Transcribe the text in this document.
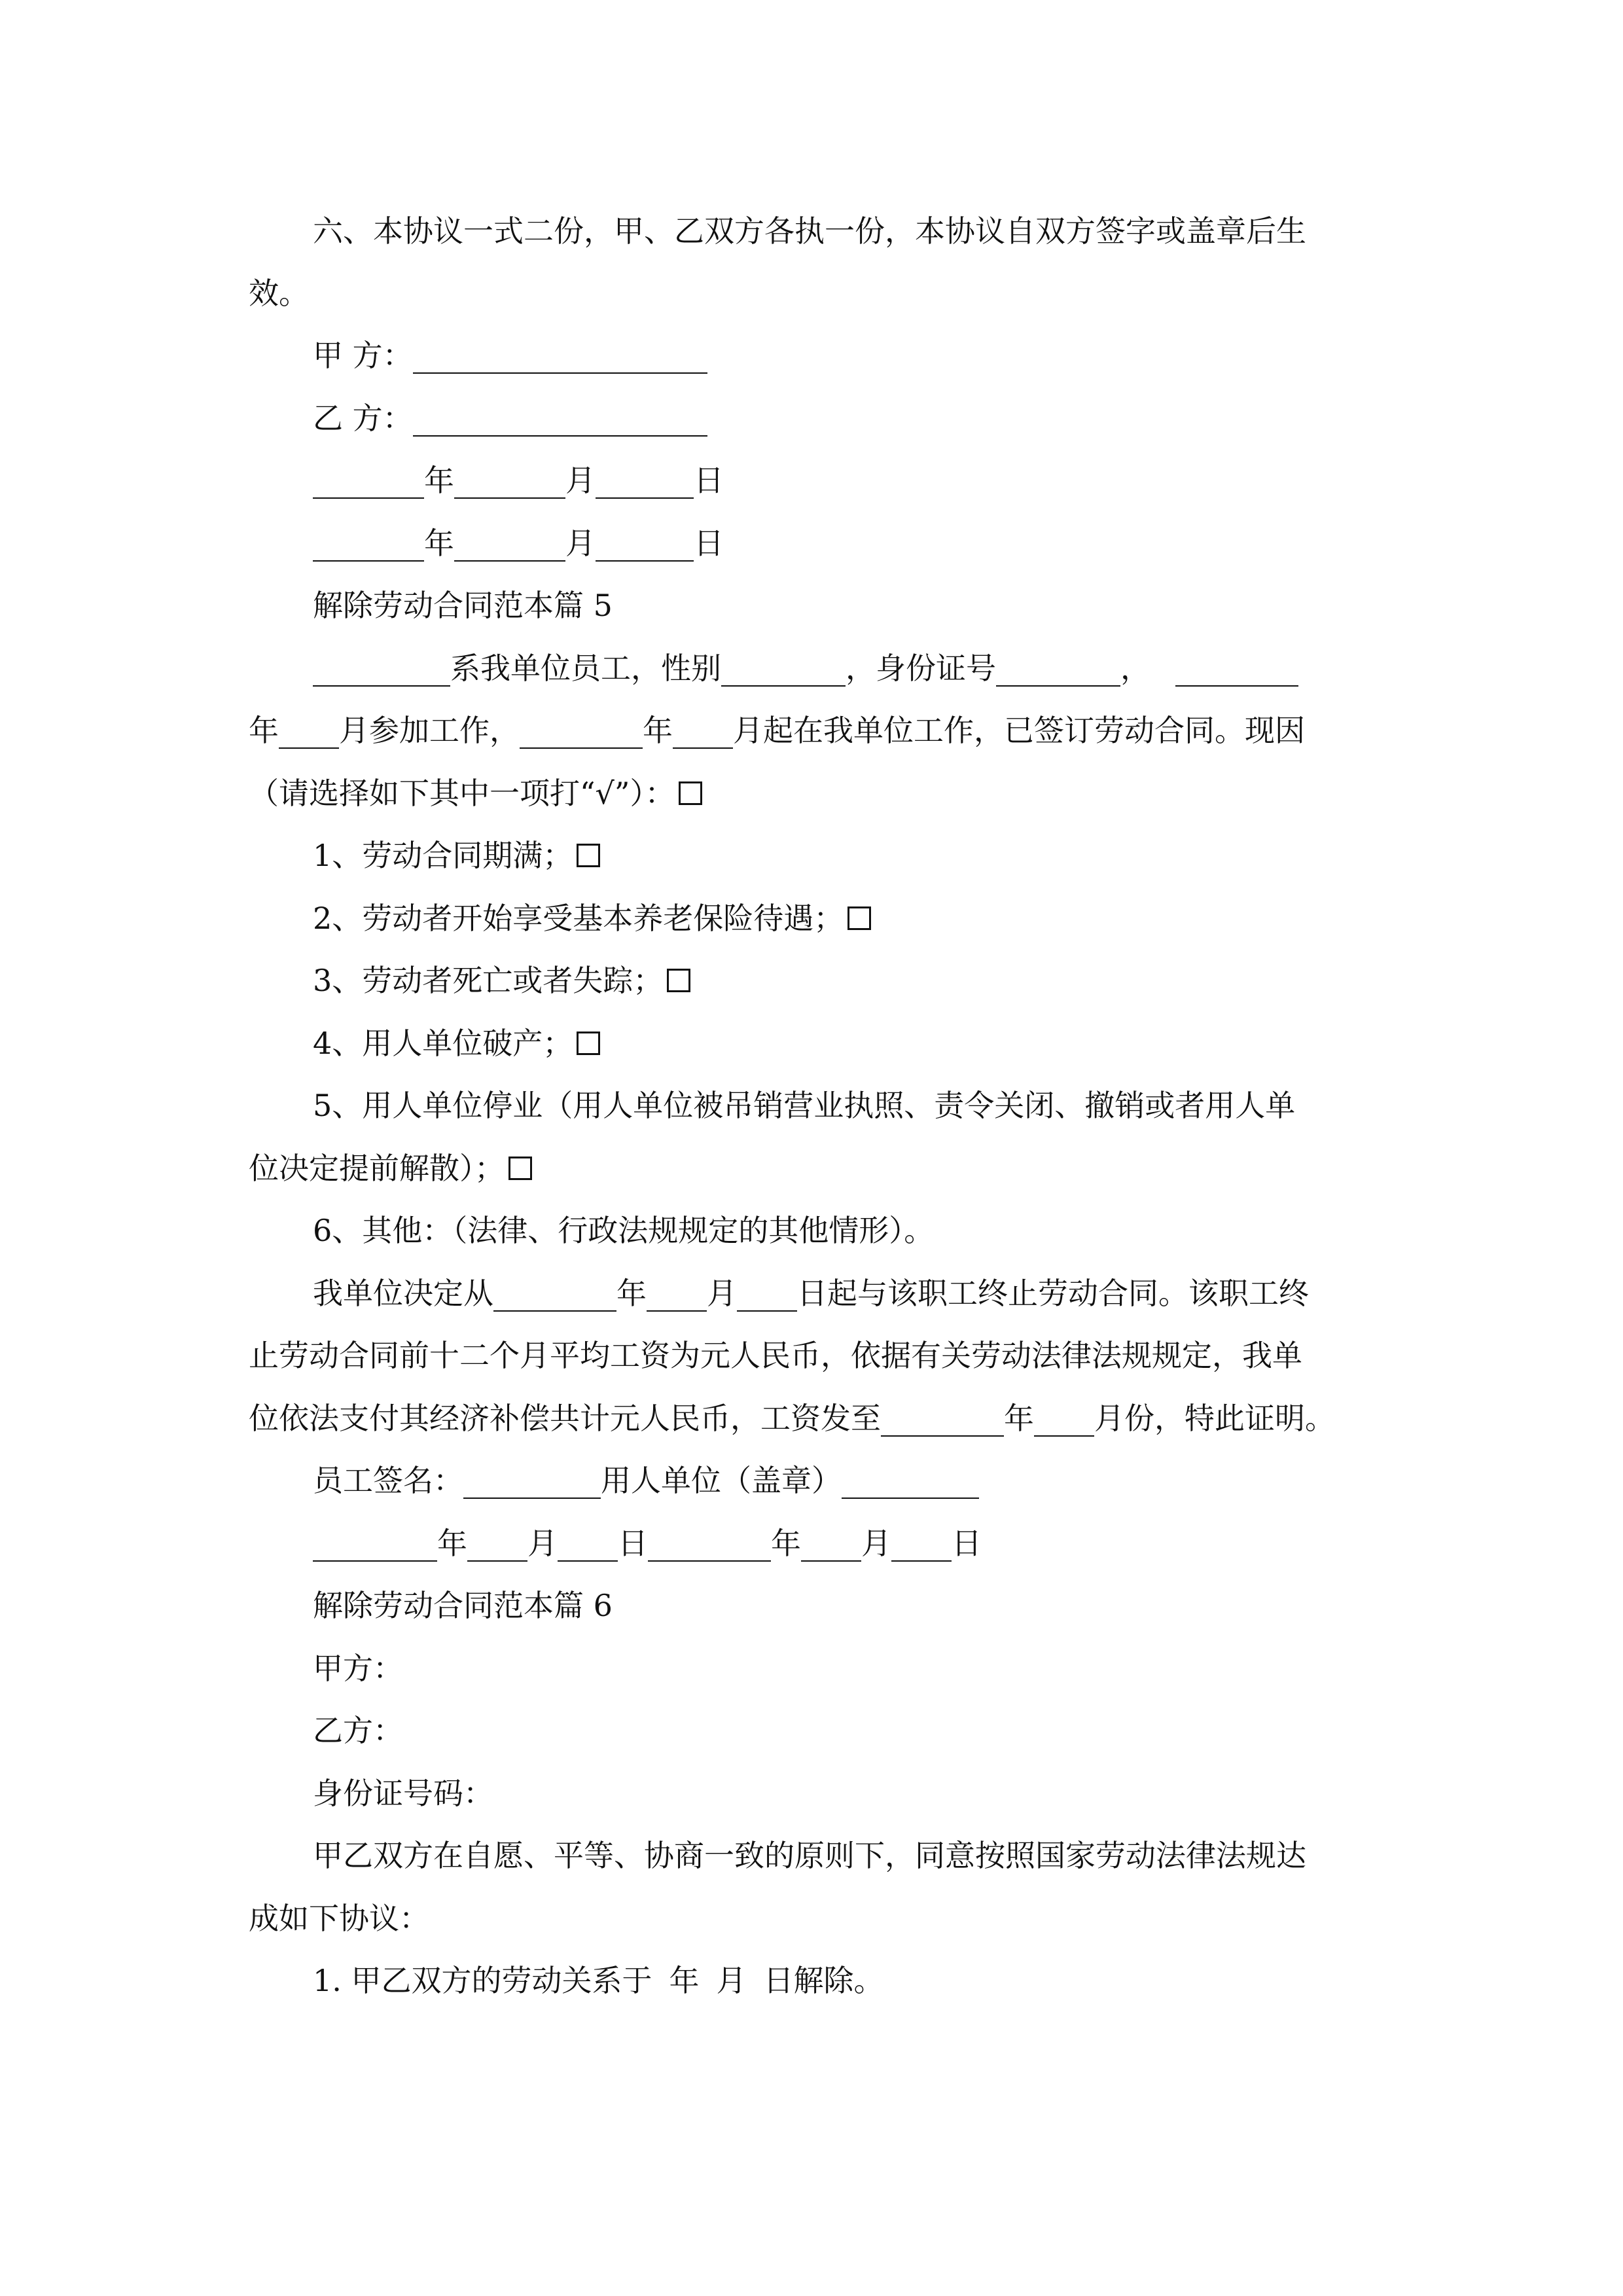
六、本协议一式二份，甲、乙双方各执一份，本协议自双方签字或盖章后生
效。
甲 方：
乙 方：
年	月	日
年	月	日
解除劳动合同范本篇 5
系我单位员工，性别	，身份证号	，
年 月参加工作，	年 月起在我单位工作，已签订劳动合同。现因
（请选择如下其中一项打“√”）：
1、劳动合同期满；
2、劳动者开始享受基本养老保险待遇；
3、劳动者死亡或者失踪；
4、用人单位破产；
5、用人单位停业（用人单位被吊销营业执照、责令关闭、撤销或者用人单
位决定提前解散）；
6、其他：（法律、行政法规规定的其他情形）。
我单位决定从	年 月 日起与该职工终止劳动合同。该职工终
止劳动合同前十二个月平均工资为元人民币，依据有关劳动法律法规规定，我单
位依法支付其经济补偿共计元人民币，工资发至	年 月份，特此证明。
员工签名：	用人单位（盖章）
年 月 日	年 月 日
解除劳动合同范本篇 6
甲方：
乙方：
身份证号码：
甲乙双方在自愿、平等、协商一致的原则下，同意按照国家劳动法律法规达
成如下协议：
1. 甲乙双方的劳动关系于 年 月 日解除。
